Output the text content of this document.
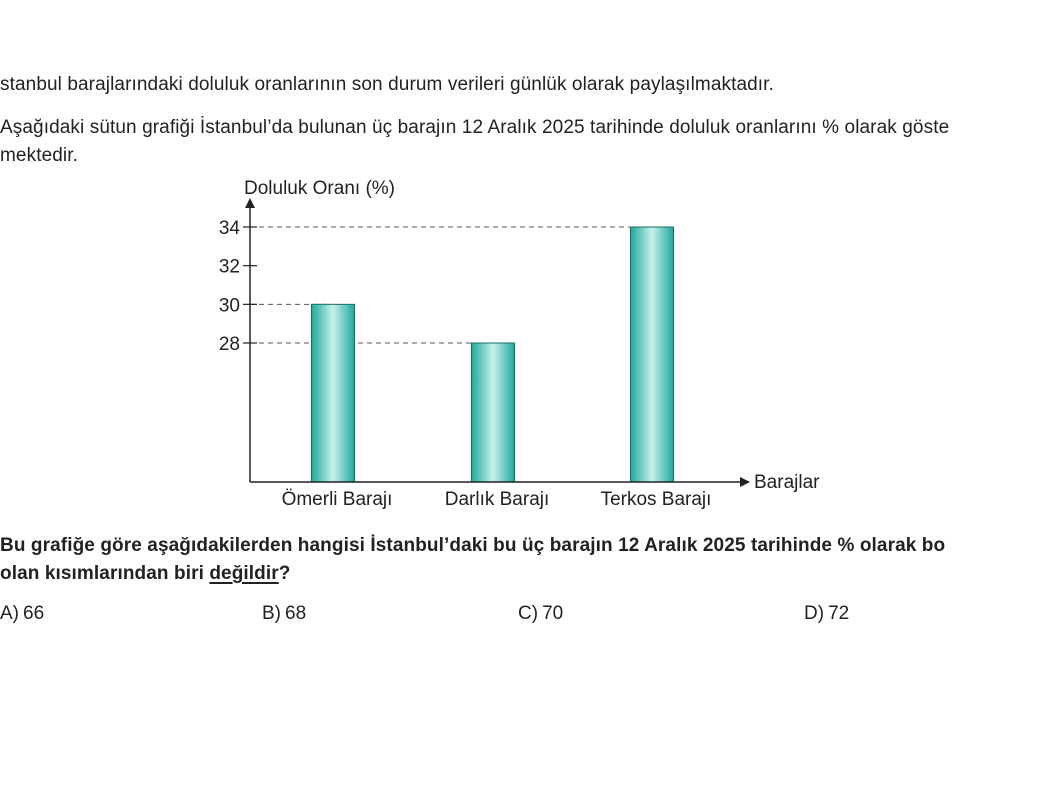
stanbul barajlarındaki doluluk oranlarının son durum verileri günlük olarak paylaşılmaktadır.
Aşağıdaki sütun grafiği İstanbul’da bulunan üç barajın 12 Aralık 2025 tarihinde doluluk oranlarını % olarak göste
mektedir.
28
30
32
34
Ömerli Barajı	Darlık Barajı	Terkos Barajı
Doluluk Oranı (%)
Barajlar
Bu grafiğe göre aşağıdakilerden hangisi İstanbul’daki bu üç barajın 12 Aralık 2025 tarihinde % olarak bo
olan kısımlarından biri değildir?
A) 66	B) 68	C) 70	D) 72
